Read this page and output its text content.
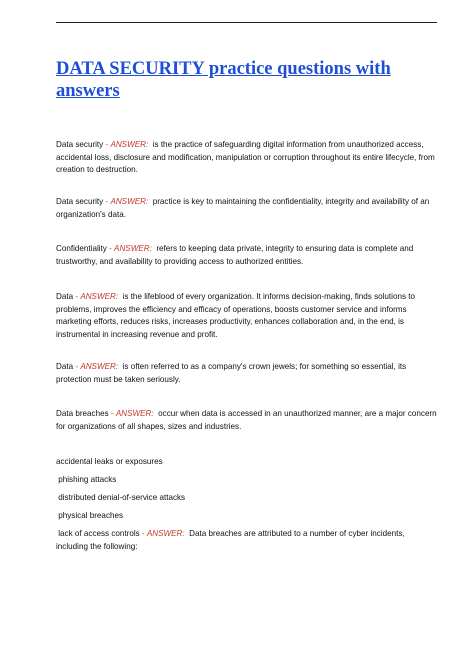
DATA SECURITY practice questions with answers
Data security - ANSWER: is the practice of safeguarding digital information from unauthorized access, accidental loss, disclosure and modification, manipulation or corruption throughout its entire lifecycle, from creation to destruction.
Data security - ANSWER: practice is key to maintaining the confidentiality, integrity and availability of an organization's data.
Confidentiality - ANSWER: refers to keeping data private, integrity to ensuring data is complete and trustworthy, and availability to providing access to authorized entities.
Data - ANSWER: is the lifeblood of every organization. It informs decision-making, finds solutions to problems, improves the efficiency and efficacy of operations, boosts customer service and informs marketing efforts, reduces risks, increases productivity, enhances collaboration and, in the end, is instrumental in increasing revenue and profit.
Data - ANSWER: is often referred to as a company's crown jewels; for something so essential, its protection must be taken seriously.
Data breaches - ANSWER: occur when data is accessed in an unauthorized manner, are a major concern for organizations of all shapes, sizes and industries.
accidental leaks or exposures
phishing attacks
distributed denial-of-service attacks
physical breaches
lack of access controls - ANSWER: Data breaches are attributed to a number of cyber incidents, including the following:
